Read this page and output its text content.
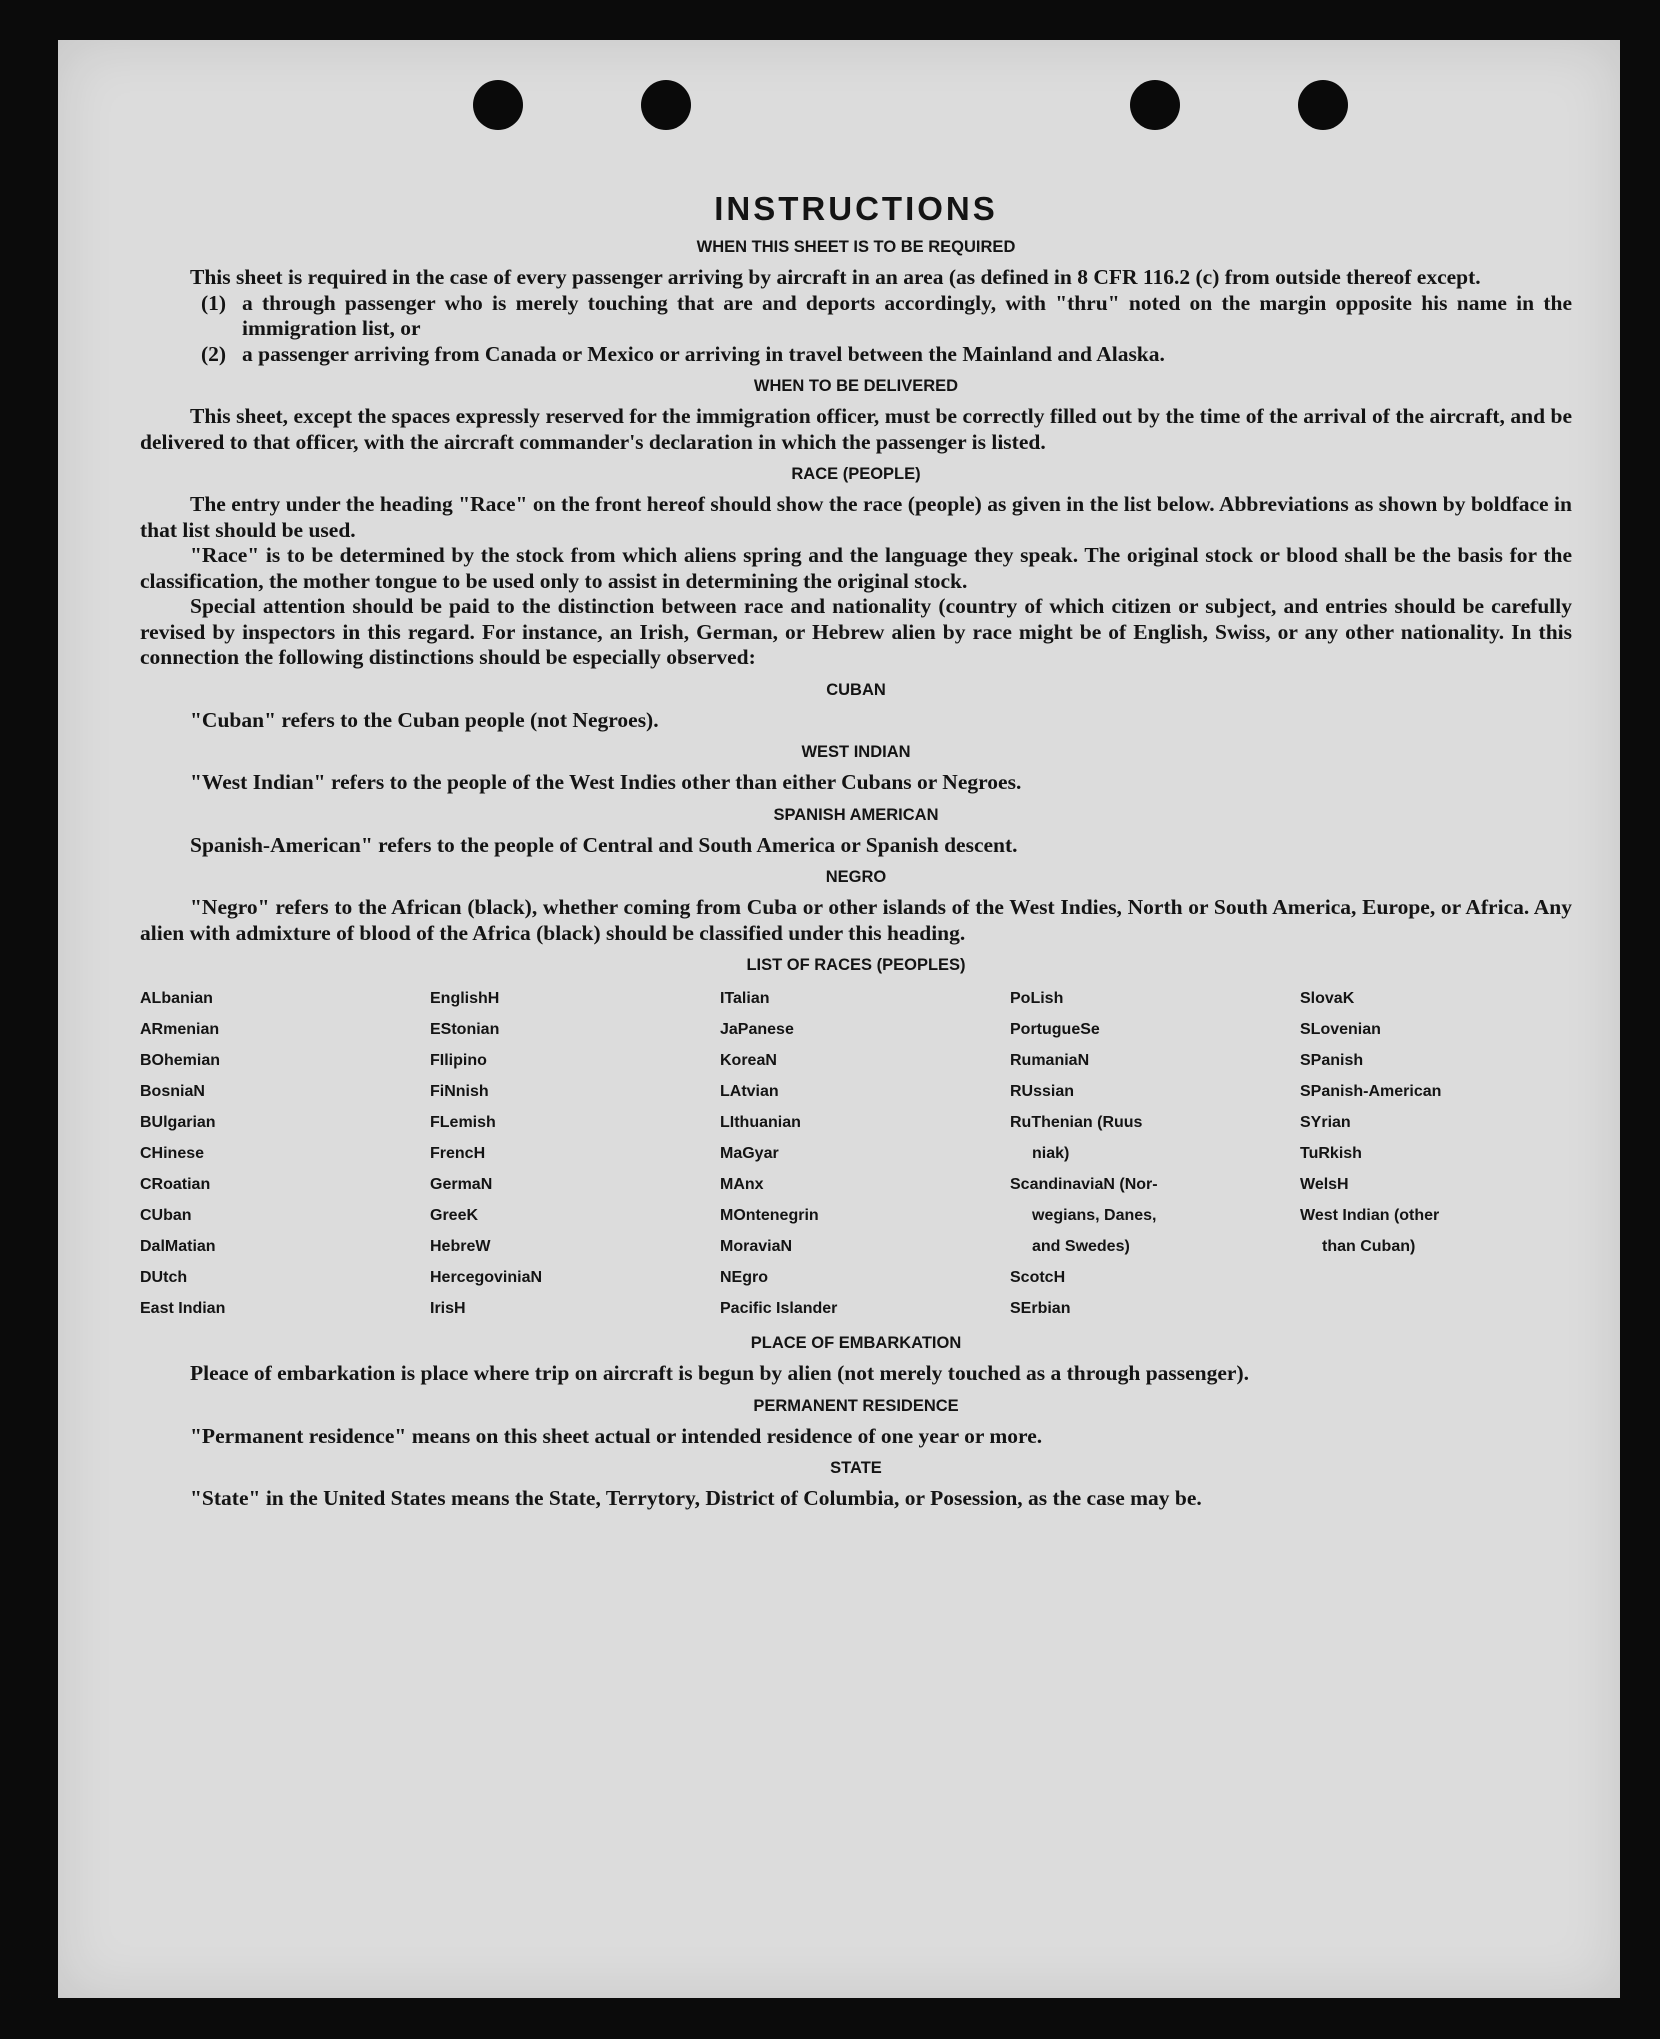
INSTRUCTIONS
WHEN THIS SHEET IS TO BE REQUIRED

This sheet is required in the case of every passenger arriving by aircraft in an area (as defined in 8 CFR 116.2 (c) from outside thereof except.

(1) a through passenger who is merely touching that are and deports accordingly, with "thru" noted on the margin opposite his name in the immigration list, or

(2) a passenger arriving from Canada or Mexico or arriving in travel between the Mainland and Alaska.

WHEN TO BE DELIVERED

This sheet, except the spaces expressly reserved for the immigration officer, must be correctly filled out by the time of the arrival of the aircraft, and be delivered to that officer, with the aircraft commander's declaration in which the passenger is listed.

RACE (PEOPLE)

The entry under the heading "Race" on the front hereof should show the race (people) as given in the list below. Abbreviations as shown by boldface in that list should be used.

"Race" is to be determined by the stock from which aliens spring and the language they speak. The original stock or blood shall be the basis for the classification, the mother tongue to be used only to assist in determining the original stock.

Special attention should be paid to the distinction between race and nationality (country of which citizen or subject, and entries should be carefully revised by inspectors in this regard. For instance, an Irish, German, or Hebrew alien by race might be of English, Swiss, or any other nationality. In this connection the following distinctions should be especially observed:

CUBAN

"Cuban" refers to the Cuban people (not Negroes).

WEST INDIAN

"West Indian" refers to the people of the West Indies other than either Cubans or Negroes.

SPANISH AMERICAN

Spanish-American" refers to the people of Central and South America or Spanish descent.

NEGRO

"Negro" refers to the African (black), whether coming from Cuba or other islands of the West Indies, North or South America, Europe, or Africa. Any alien with admixture of blood of the Africa (black) should be classified under this heading.

LIST OF RACES (PEOPLES)
ALbanian
ARmenian
BOhemian
BosniaN
BUlgarian
CHinese
CRoatian
CUban
DalMatian
DUtch
East Indian
EnglishH
EStonian
FIlipino
FiNnish
FLemish
FrencH
GermaN
GreeK
HebreW
HercegoviniaN
IrisH
ITalian
JaPanese
KoreaN
LAtvian
LIthuanian
MaGyar
MAnx
MOntenegrin
MoraviaN
NEgro
Pacific Islander
PoLish
PortugueSe
RumaniaN
RUssian
RuThenian (Ruus
niak)
ScandinaviaN (Nor-
wegians, Danes,
and Swedes)
ScotcH
SErbian
SlovaK
SLovenian
SPanish
SPanish-American
SYrian
TuRkish
WelsH
West Indian (other
than Cuban)
PLACE OF EMBARKATION

Pleace of embarkation is place where trip on aircraft is begun by alien (not merely touched as a through passenger).

PERMANENT RESIDENCE

"Permanent residence" means on this sheet actual or intended residence of one year or more.

STATE

"State" in the United States means the State, Terrytory, District of Columbia, or Posession, as the case may be.
